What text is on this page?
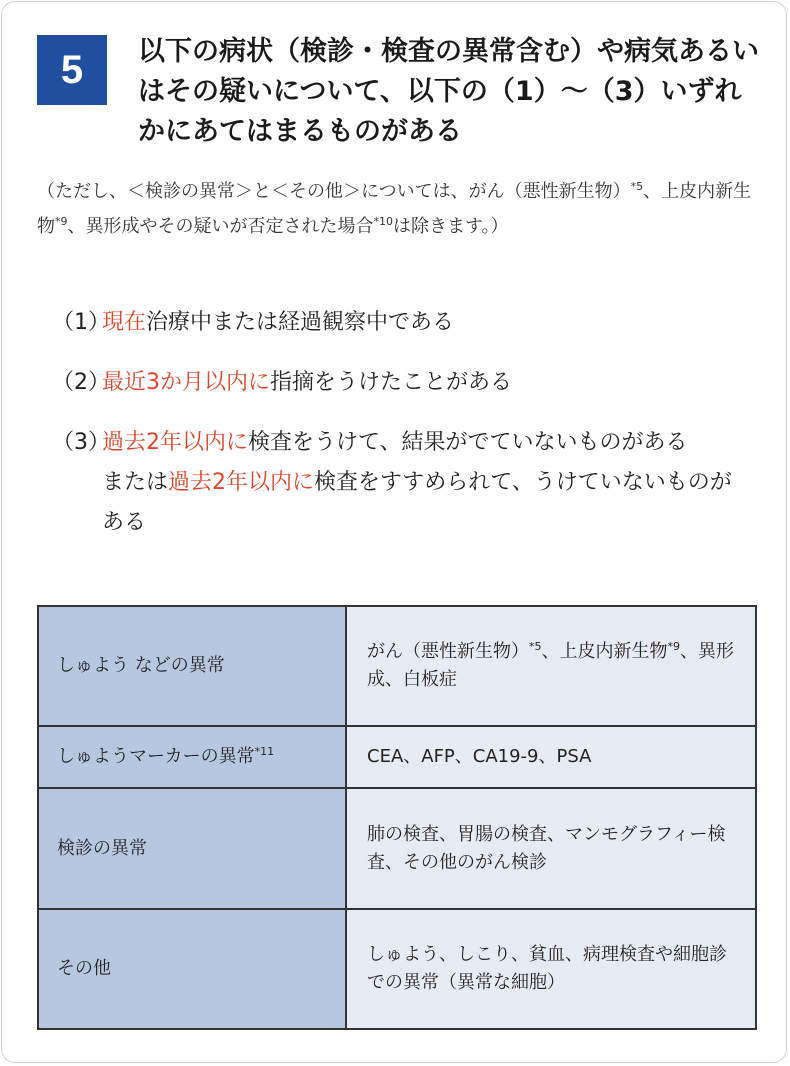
5	以下の病状（検診・検査の異常含む）や病気あるいはその疑いについて、以下の（1）～（3）いずれかにあてはまるものがある
（ただし、＜検診の異常＞と＜その他＞については、がん（悪性新生物）$^{*5}$、上皮内新生物$^{*9}$、異形成やその疑いが否定された場合$^{*10}$は除きます。）
（1）
現在治療中または経過観察中である
（2）
最近3か月以内に指摘をうけたことがある
（3）
過去2年以内に検査をうけて、結果がでていないものがある
または過去2年以内に検査をすすめられて、うけていないものがある
しゅよう などの異常	がん（悪性新生物）$^{*5}$、上皮内新生物$^{*9}$、異形成、白板症
しゅようマーカーの異常$^{*11}$	CEA、AFP、CA19-9、PSA
検診の異常	肺の検査、胃腸の検査、マンモグラフィー検査、その他のがん検診
その他	しゅよう、しこり、貧血、病理検査や細胞診での異常（異常な細胞）
